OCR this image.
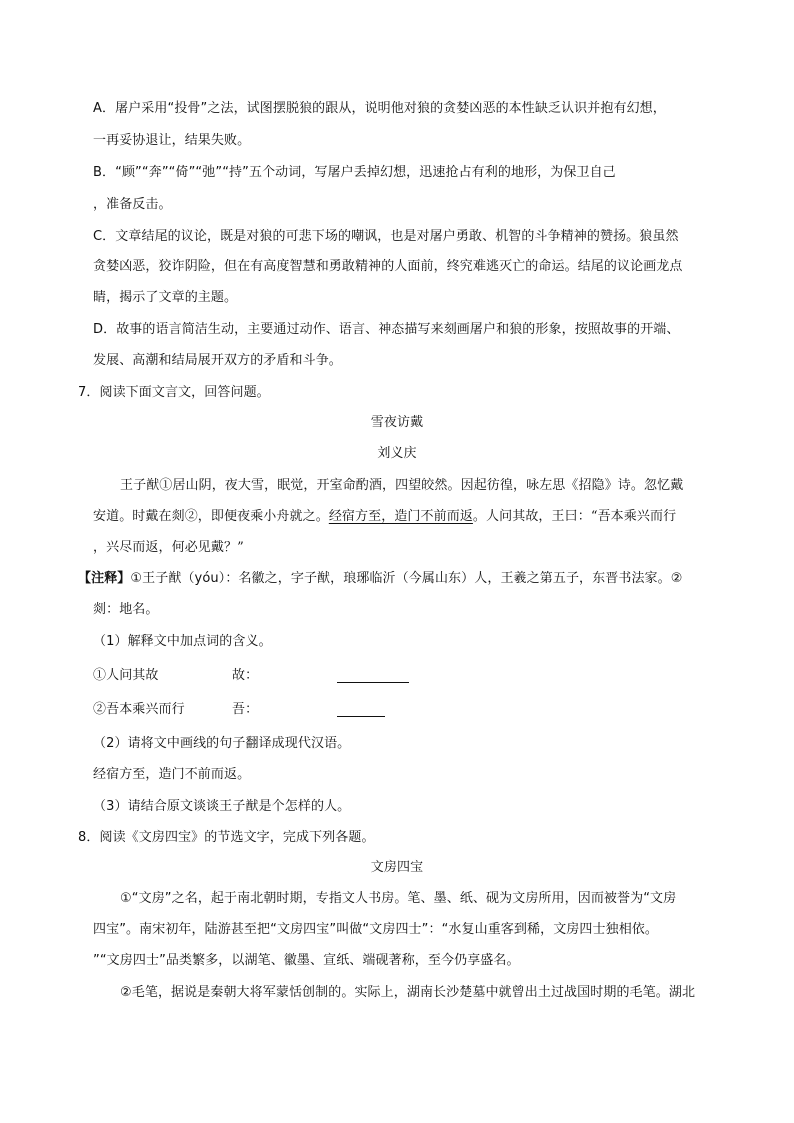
A．屠户采用“投骨”之法，试图摆脱狼的跟从，说明他对狼的贪婪凶恶的本性缺乏认识并抱有幻想，
一再妥协退让，结果失败。
B．“顾”“奔”“倚”“弛”“持”五个动词，写屠户丢掉幻想，迅速抢占有利的地形，为保卫自己
，准备反击。
C．文章结尾的议论，既是对狼的可悲下场的嘲讽，也是对屠户勇敢、机智的斗争精神的赞扬。狼虽然
贪婪凶恶，狡诈阴险，但在有高度智慧和勇敢精神的人面前，终究难逃灭亡的命运。结尾的议论画龙点
睛，揭示了文章的主题。
D．故事的语言简洁生动，主要通过动作、语言、神态描写来刻画屠户和狼的形象，按照故事的开端、
发展、高潮和结局展开双方的矛盾和斗争。
7．阅读下面文言文，回答问题。
雪夜访戴
刘义庆
王子猷①居山阴，夜大雪，眠觉，开室命酌酒，四望皎然。因起彷徨，咏左思《招隐》诗。忽忆戴
安道。时戴在剡②，即便夜乘小舟就之。经宿方至，造门不前而返。人问其故，王曰：“吾本乘兴而行
，兴尽而返，何必见戴？”
【注释】①王子猷（yóu）：名徽之，字子猷，琅琊临沂（今属山东）人，王羲之第五子，东晋书法家。②
剡：地名。
（1）解释文中加点词的含义。
①人问其故	故：
②吾本乘兴而行	吾：
（2）请将文中画线的句子翻译成现代汉语。
经宿方至，造门不前而返。
（3）请结合原文谈谈王子猷是个怎样的人。
8．阅读《文房四宝》的节选文字，完成下列各题。
文房四宝
①“文房”之名，起于南北朝时期，专指文人书房。笔、墨、纸、砚为文房所用，因而被誉为“文房
四宝”。南宋初年，陆游甚至把“文房四宝”叫做“文房四士”：“水复山重客到稀，文房四士独相依。
”“文房四士”品类繁多，以湖笔、徽墨、宣纸、端砚著称，至今仍享盛名。
②毛笔，据说是秦朝大将军蒙恬创制的。实际上，湖南长沙楚墓中就曾出土过战国时期的毛笔。湖北
